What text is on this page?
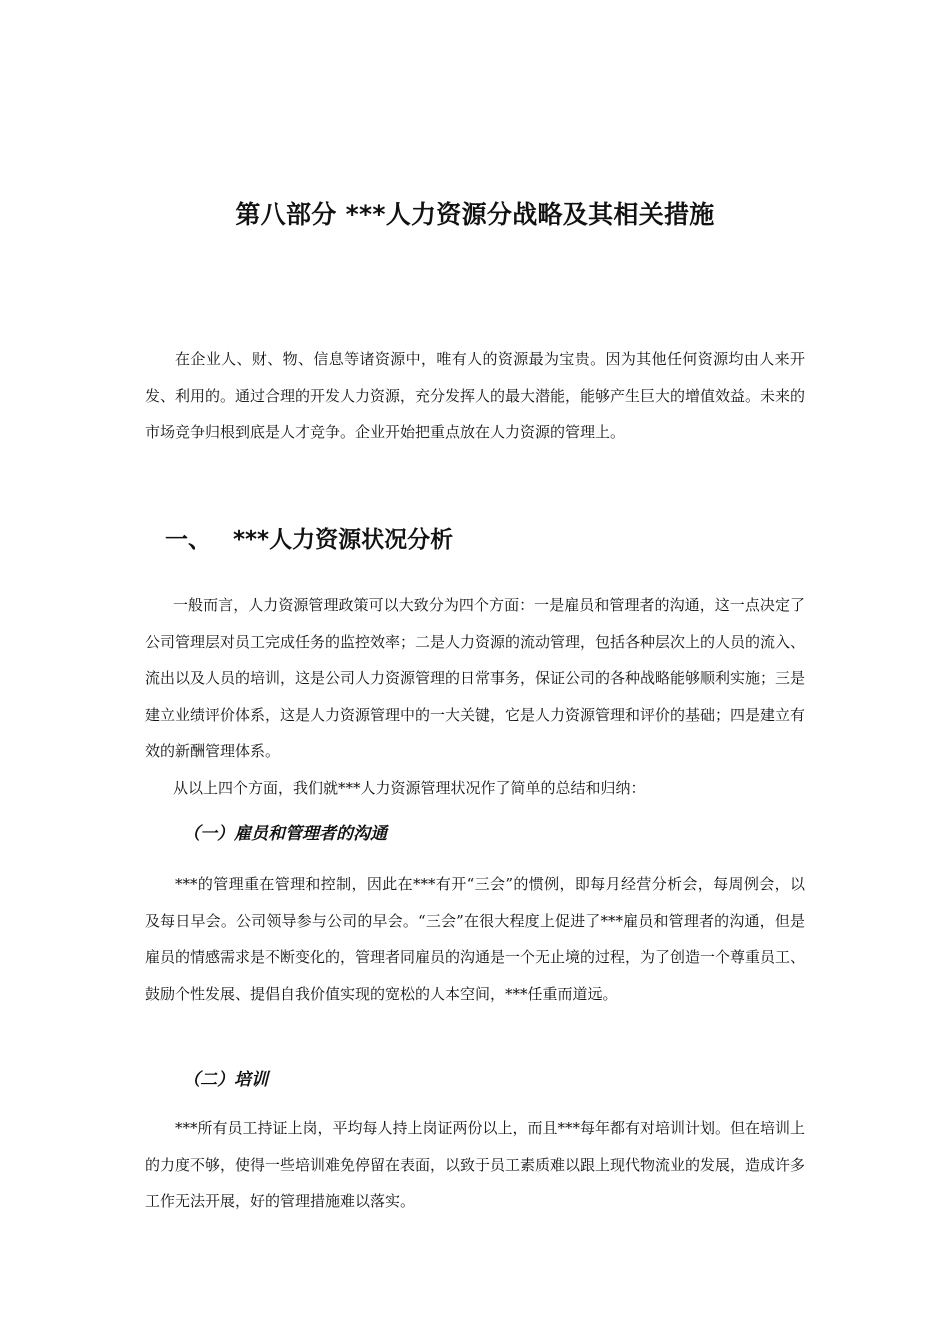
第八部分 ***人力资源分战略及其相关措施

在企业人、财、物、信息等诸资源中，唯有人的资源最为宝贵。因为其他任何资源均由人来开发、利用的。通过合理的开发人力资源，充分发挥人的最大潜能，能够产生巨大的增值效益。未来的市场竞争归根到底是人才竞争。企业开始把重点放在人力资源的管理上。

一、 ***人力资源状况分析

一般而言，人力资源管理政策可以大致分为四个方面：一是雇员和管理者的沟通，这一点决定了公司管理层对员工完成任务的监控效率；二是人力资源的流动管理，包括各种层次上的人员的流入、流出以及人员的培训，这是公司人力资源管理的日常事务，保证公司的各种战略能够顺利实施；三是建立业绩评价体系，这是人力资源管理中的一大关键，它是人力资源管理和评价的基础；四是建立有效的新酬管理体系。

从以上四个方面，我们就***人力资源管理状况作了简单的总结和归纳：

（一）雇员和管理者的沟通

***的管理重在管理和控制，因此在***有开“三会”的惯例，即每月经营分析会，每周例会，以及每日早会。公司领导参与公司的早会。“三会”在很大程度上促进了***雇员和管理者的沟通，但是雇员的情感需求是不断变化的，管理者同雇员的沟通是一个无止境的过程，为了创造一个尊重员工、鼓励个性发展、提倡自我价值实现的宽松的人本空间，***任重而道远。

（二）培训

***所有员工持证上岗，平均每人持上岗证两份以上，而且***每年都有对培训计划。但在培训上的力度不够，使得一些培训难免停留在表面，以致于员工素质难以跟上现代物流业的发展，造成许多工作无法开展，好的管理措施难以落实。
